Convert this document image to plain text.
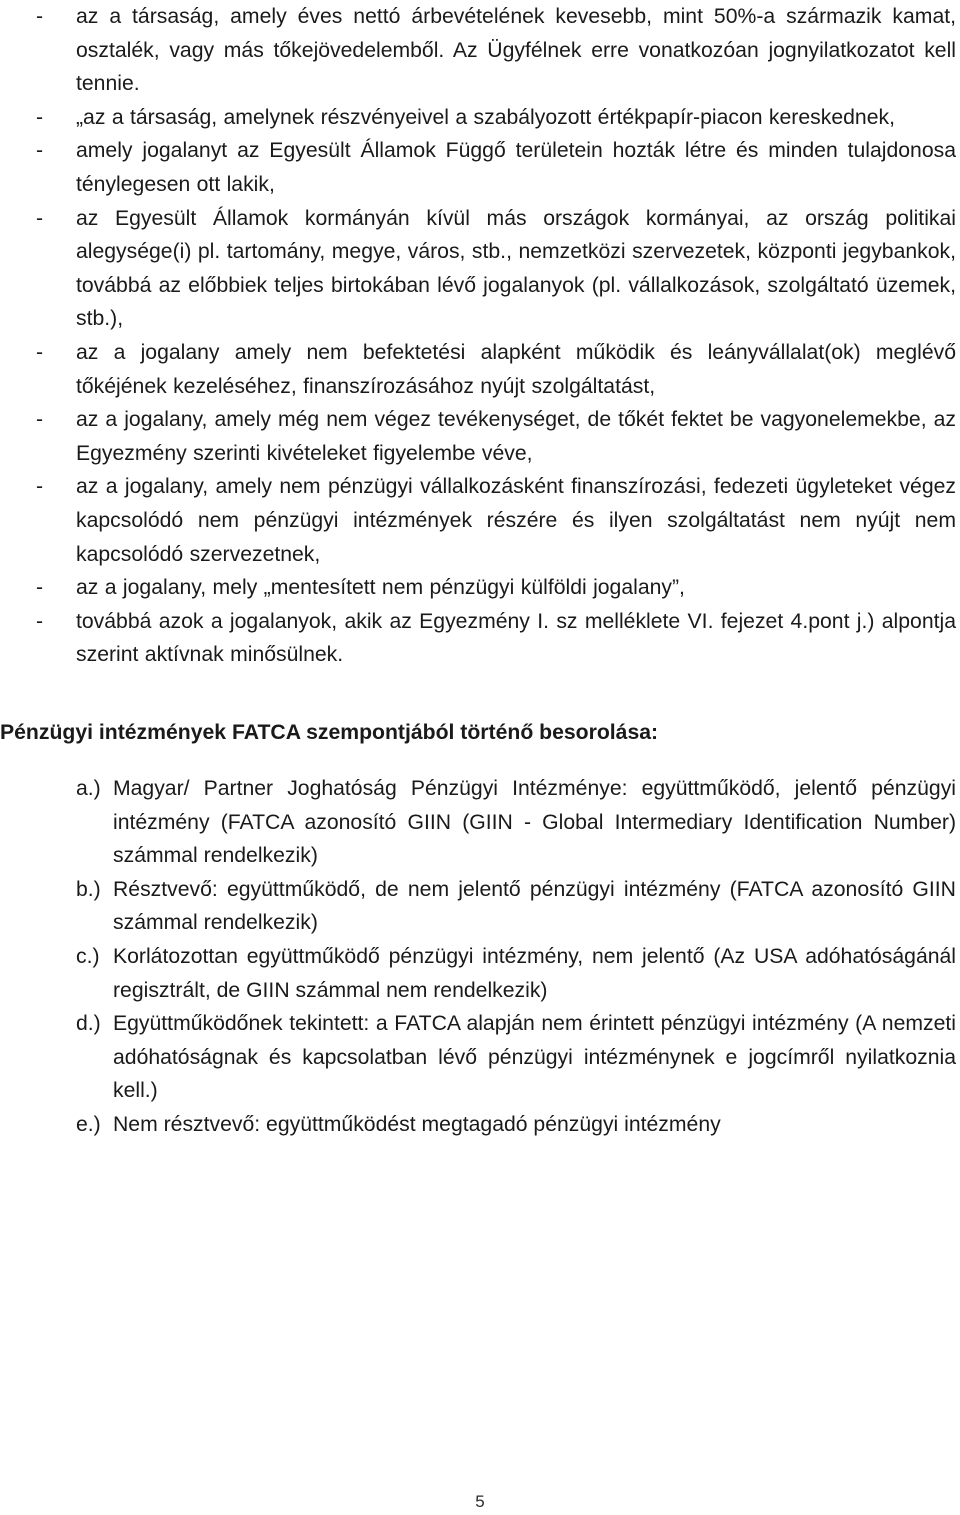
- az a társaság, amely éves nettó árbevételének kevesebb, mint 50%-a származik kamat, osztalék, vagy más tőkejövedelemből. Az Ügyfélnek erre vonatkozóan jognyilatkozatot kell tennie.
- „az a társaság, amelynek részvényeivel a szabályozott értékpapír-piacon kereskednek,
- amely jogalanyt az Egyesült Államok Függő területein hozták létre és minden tulajdonosa ténylegesen ott lakik,
- az Egyesült Államok kormányán kívül más országok kormányai, az ország politikai alegysége(i) pl. tartomány, megye, város, stb., nemzetközi szervezetek, központi jegybankok, továbbá az előbbiek teljes birtokában lévő jogalanyok (pl. vállalkozások, szolgáltató üzemek, stb.),
- az a jogalany amely nem befektetési alapként működik és leányvállalat(ok) meglévő tőkéjének kezeléséhez, finanszírozásához nyújt szolgáltatást,
- az a jogalany, amely még nem végez tevékenységet, de tőkét fektet be vagyonelemekbe, az Egyezmény szerinti kivételeket figyelembe véve,
- az a jogalany, amely nem pénzügyi vállalkozásként finanszírozási, fedezeti ügyleteket végez kapcsolódó nem pénzügyi intézmények részére és ilyen szolgáltatást nem nyújt nem kapcsolódó szervezetnek,
- az a jogalany, mely „mentesített nem pénzügyi külföldi jogalany”,
- továbbá azok a jogalanyok, akik az Egyezmény I. sz melléklete VI. fejezet 4.pont j.) alpontja szerint aktívnak minősülnek.
Pénzügyi intézmények FATCA szempontjából történő besorolása:
a.) Magyar/ Partner Joghatóság Pénzügyi Intézménye: együttműködő, jelentő pénzügyi intézmény (FATCA azonosító GIIN (GIIN - Global Intermediary Identification Number) számmal rendelkezik)
b.) Résztvevő: együttműködő, de nem jelentő pénzügyi intézmény (FATCA azonosító GIIN számmal rendelkezik)
c.) Korlátozottan együttműködő pénzügyi intézmény, nem jelentő (Az USA adóhatóságánál regisztrált, de GIIN számmal nem rendelkezik)
d.) Együttműködőnek tekintett: a FATCA alapján nem érintett pénzügyi intézmény (A nemzeti adóhatóságnak és kapcsolatban lévő pénzügyi intézménynek e jogcímről nyilatkoznia kell.)
e.) Nem résztvevő: együttműködést megtagadó pénzügyi intézmény
5
